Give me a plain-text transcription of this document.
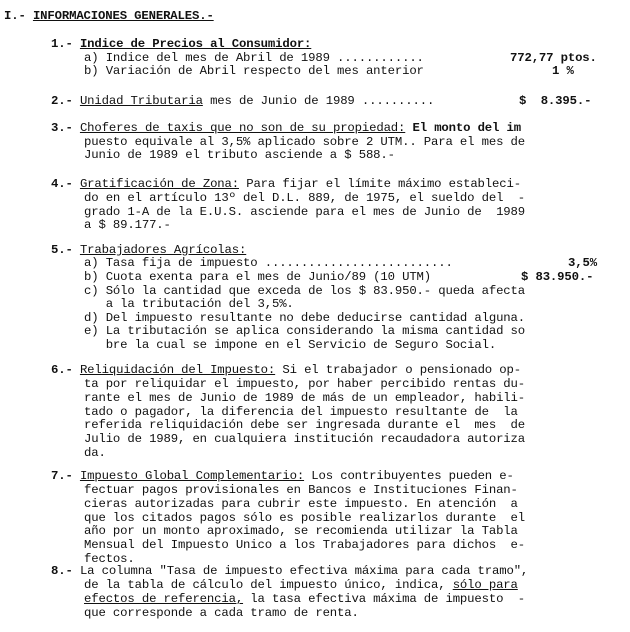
I.- INFORMACIONES GENERALES.-
1.- Indice de Precios al Consumidor:
a) Indice del mes de Abril de 1989 ............	772,77 ptos.
b) Variación de Abril respecto del mes anterior	1 %
2.- Unidad Tributaria mes de Junio de 1989 ..........	$  8.395.-
3.- Choferes de taxis que no son de su propiedad: El monto del im
puesto equivale al 3,5% aplicado sobre 2 UTM.. Para el mes de
Junio de 1989 el tributo asciende a $ 588.-
4.- Gratificación de Zona: Para fijar el límite máximo estableci-
do en el artículo 13º del D.L. 889, de 1975, el sueldo del  -
grado 1-A de la E.U.S. asciende para el mes de Junio de  1989
a $ 89.177.-
5.- Trabajadores Agrícolas:
a) Tasa fija de impuesto ..........................	3,5%
b) Cuota exenta para el mes de Junio/89 (10 UTM)	$ 83.950.-
c) Sólo la cantidad que exceda de los $ 83.950.- queda afecta
a la tributación del 3,5%.
d) Del impuesto resultante no debe deducirse cantidad alguna.
e) La tributación se aplica considerando la misma cantidad so
bre la cual se impone en el Servicio de Seguro Social.
6.- Reliquidación del Impuesto: Si el trabajador o pensionado op-
ta por reliquidar el impuesto, por haber percibido rentas du-
rante el mes de Junio de 1989 de más de un empleador, habili-
tado o pagador, la diferencia del impuesto resultante de  la
referida reliquidación debe ser ingresada durante el  mes  de
Julio de 1989, en cualquiera institución recaudadora autoriza
da.
7.- Impuesto Global Complementario: Los contribuyentes pueden e-
fectuar pagos provisionales en Bancos e Instituciones Finan-
cieras autorizadas para cubrir este impuesto. En atención  a
que los citados pagos sólo es posible realizarlos durante  el
año por un monto aproximado, se recomienda utilizar la Tabla
Mensual del Impuesto Unico a los Trabajadores para dichos  e-
fectos.
8.- La columna "Tasa de impuesto efectiva máxima para cada tramo",
de la tabla de cálculo del impuesto único, indica, sólo para
efectos de referencia, la tasa efectiva máxima de impuesto  -
que corresponde a cada tramo de renta.
